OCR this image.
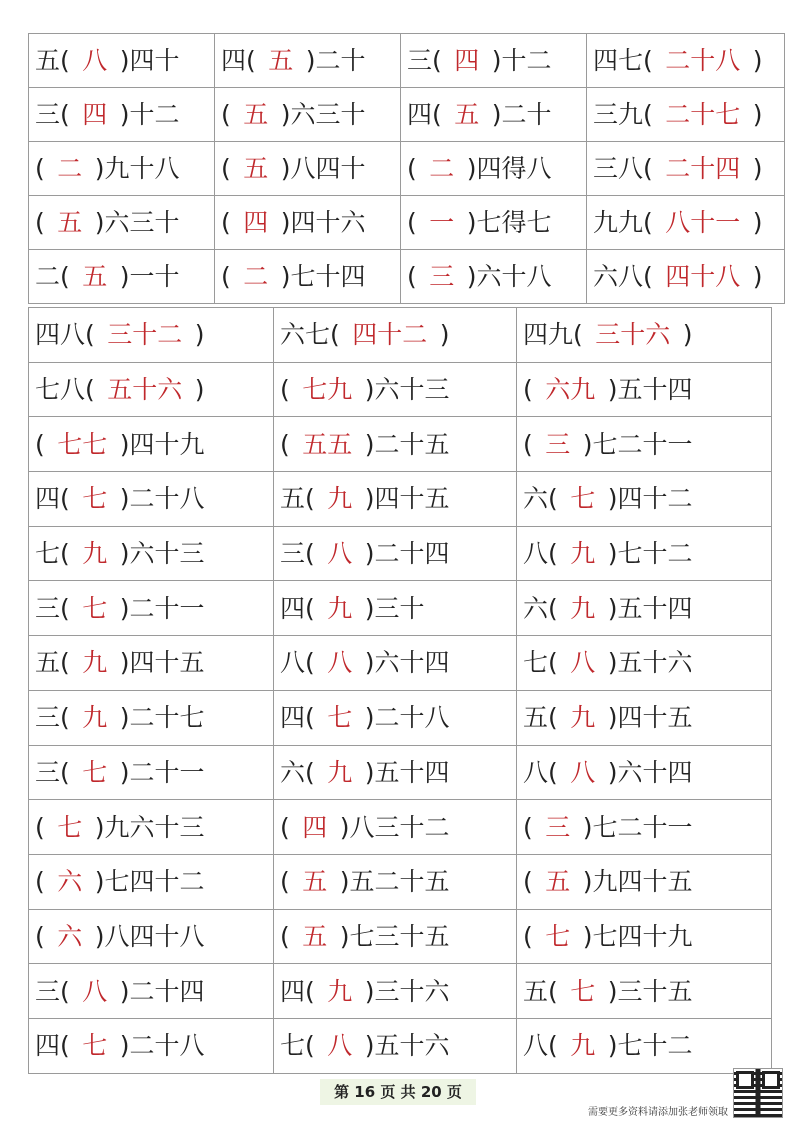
五(  八  )四十	四(  五  )二十	三(  四  )十二	四七(  二十八  )
三(  四  )十二	(  五  )六三十	四(  五  )二十	三九(  二十七  )
(  二  )九十八	(  五  )八四十	(  二  )四得八	三八(  二十四  )
(  五  )六三十	(  四  )四十六	(  一  )七得七	九九(  八十一  )
二(  五  )一十	(  二  )七十四	(  三  )六十八	六八(  四十八  )
四八(  三十二  )	六七(  四十二  )	四九(  三十六  )
七八(  五十六  )	(  七九  )六十三	(  六九  )五十四
(  七七  )四十九	(  五五  )二十五	(  三  )七二十一
四(  七  )二十八	五(  九  )四十五	六(  七  )四十二
七(  九  )六十三	三(  八  )二十四	八(  九  )七十二
三(  七  )二十一	四(  九  )三十	六(  九  )五十四
五(  九  )四十五	八(  八  )六十四	七(  八  )五十六
三(  九  )二十七	四(  七  )二十八	五(  九  )四十五
三(  七  )二十一	六(  九  )五十四	八(  八  )六十四
(  七  )九六十三	(  四  )八三十二	(  三  )七二十一
(  六  )七四十二	(  五  )五二十五	(  五  )九四十五
(  六  )八四十八	(  五  )七三十五	(  七  )七四十九
三(  八  )二十四	四(  九  )三十六	五(  七  )三十五
四(  七  )二十八	七(  八  )五十六	八(  九  )七十二
第 16 页 共 20 页
需要更多资料请添加张老师领取
